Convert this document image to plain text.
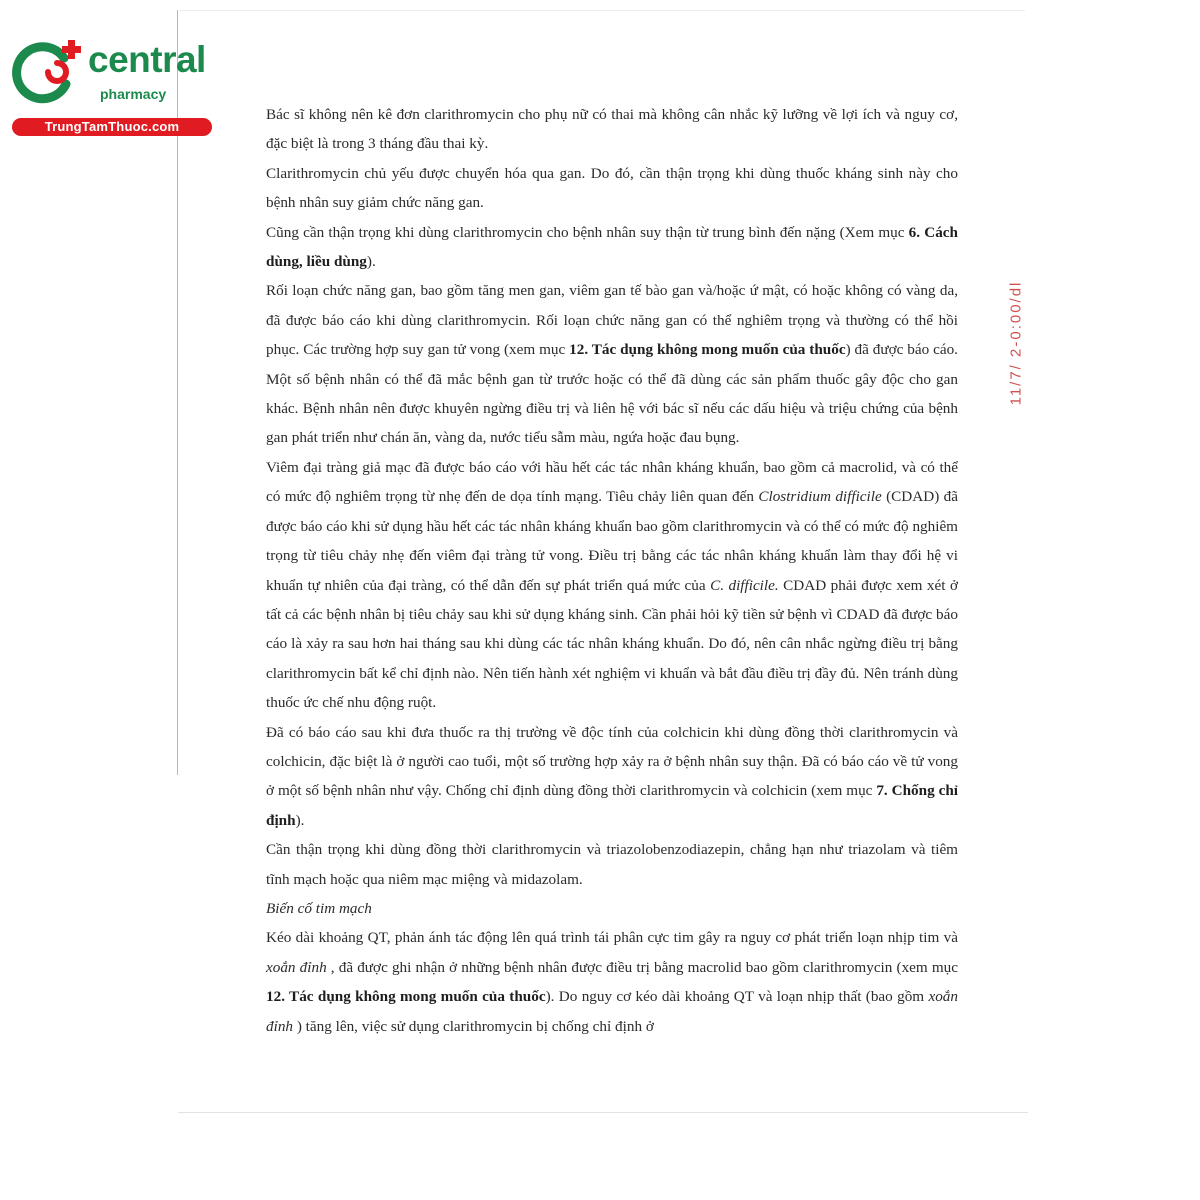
central
pharmacy
TrungTamThuoc.com
11/7/ 2-0:00/dl

Bác sĩ không nên kê đơn clarithromycin cho phụ nữ có thai mà không cân nhắc kỹ lưỡng về lợi ích và nguy cơ, đặc biệt là trong 3 tháng đầu thai kỳ.

Clarithromycin chủ yếu được chuyển hóa qua gan. Do đó, cần thận trọng khi dùng thuốc kháng sinh này cho bệnh nhân suy giảm chức năng gan.

Cũng cần thận trọng khi dùng clarithromycin cho bệnh nhân suy thận từ trung bình đến nặng (Xem mục 6. Cách dùng, liều dùng).

Rối loạn chức năng gan, bao gồm tăng men gan, viêm gan tế bào gan và/hoặc ứ mật, có hoặc không có vàng da, đã được báo cáo khi dùng clarithromycin. Rối loạn chức năng gan có thể nghiêm trọng và thường có thể hồi phục. Các trường hợp suy gan tử vong (xem mục 12. Tác dụng không mong muốn của thuốc) đã được báo cáo. Một số bệnh nhân có thể đã mắc bệnh gan từ trước hoặc có thể đã dùng các sản phẩm thuốc gây độc cho gan khác. Bệnh nhân nên được khuyên ngừng điều trị và liên hệ với bác sĩ nếu các dấu hiệu và triệu chứng của bệnh gan phát triển như chán ăn, vàng da, nước tiểu sẫm màu, ngứa hoặc đau bụng.

Viêm đại tràng giả mạc đã được báo cáo với hầu hết các tác nhân kháng khuẩn, bao gồm cả macrolid, và có thể có mức độ nghiêm trọng từ nhẹ đến de dọa tính mạng. Tiêu chảy liên quan đến Clostridium difficile (CDAD) đã được báo cáo khi sử dụng hầu hết các tác nhân kháng khuẩn bao gồm clarithromycin và có thể có mức độ nghiêm trọng từ tiêu chảy nhẹ đến viêm đại tràng tử vong. Điều trị bằng các tác nhân kháng khuẩn làm thay đổi hệ vi khuẩn tự nhiên của đại tràng, có thể dẫn đến sự phát triển quá mức của C. difficile. CDAD phải được xem xét ở tất cả các bệnh nhân bị tiêu chảy sau khi sử dụng kháng sinh. Cần phải hỏi kỹ tiền sử bệnh vì CDAD đã được báo cáo là xảy ra sau hơn hai tháng sau khi dùng các tác nhân kháng khuẩn. Do đó, nên cân nhắc ngừng điều trị bằng clarithromycin bất kể chỉ định nào. Nên tiến hành xét nghiệm vi khuẩn và bắt đầu điều trị đầy đủ. Nên tránh dùng thuốc ức chế nhu động ruột.

Đã có báo cáo sau khi đưa thuốc ra thị trường về độc tính của colchicin khi dùng đồng thời clarithromycin và colchicin, đặc biệt là ở người cao tuổi, một số trường hợp xảy ra ở bệnh nhân suy thận. Đã có báo cáo về tử vong ở một số bệnh nhân như vậy. Chống chỉ định dùng đồng thời clarithromycin và colchicin (xem mục 7. Chống chỉ định).

Cần thận trọng khi dùng đồng thời clarithromycin và triazolobenzodiazepin, chẳng hạn như triazolam và tiêm tĩnh mạch hoặc qua niêm mạc miệng và midazolam.

Biến cố tim mạch

Kéo dài khoảng QT, phản ánh tác động lên quá trình tái phân cực tim gây ra nguy cơ phát triển loạn nhịp tim và xoắn đỉnh , đã được ghi nhận ở những bệnh nhân được điều trị bằng macrolid bao gồm clarithromycin (xem mục 12. Tác dụng không mong muốn của thuốc). Do nguy cơ kéo dài khoảng QT và loạn nhịp thất (bao gồm xoắn đỉnh ) tăng lên, việc sử dụng clarithromycin bị chống chỉ định ở
